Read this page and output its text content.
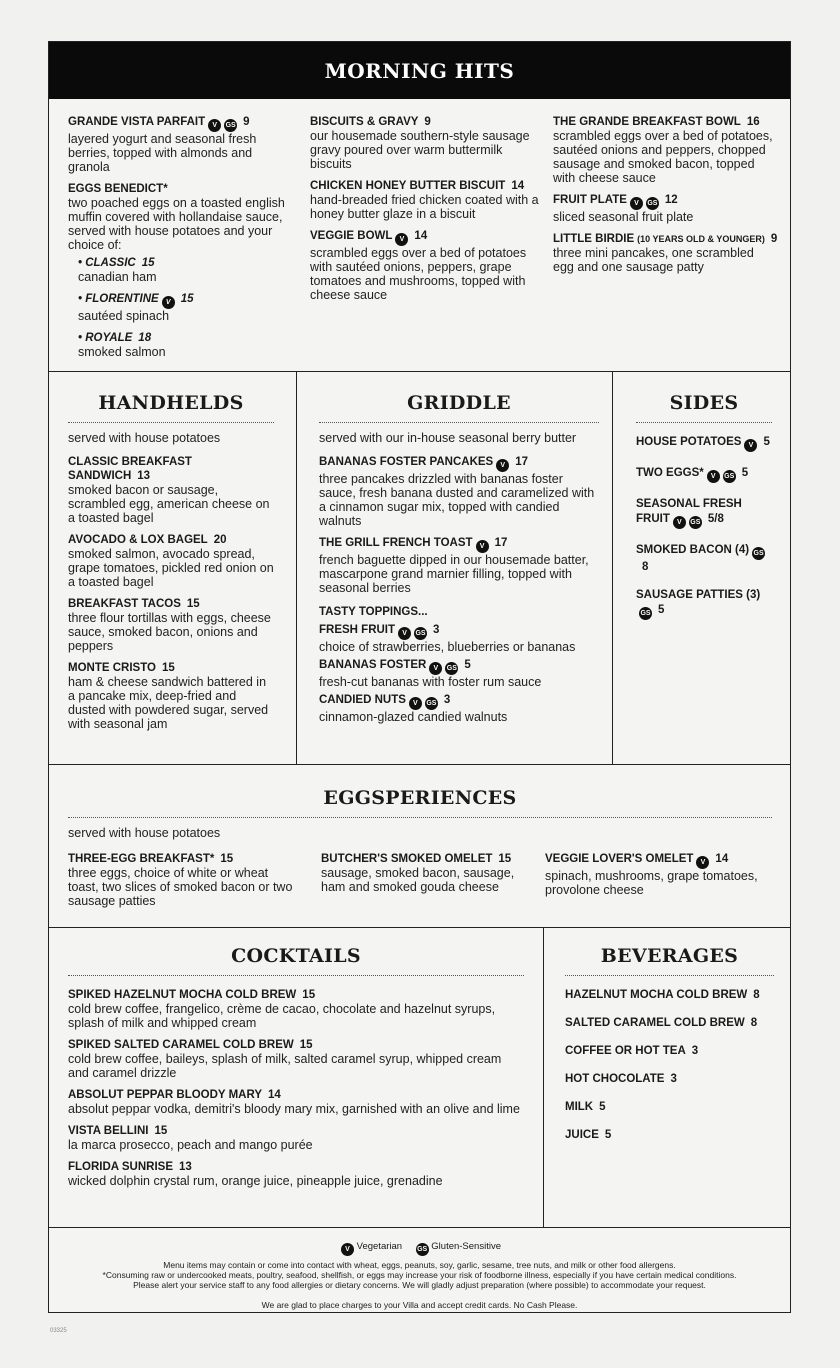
MORNING HITS
GRANDE VISTA PARFAIT V GS 9
layered yogurt and seasonal fresh berries, topped with almonds and granola
EGGS BENEDICT*
two poached eggs on a toasted english muffin covered with hollandaise sauce, served with house potatoes and your choice of:
• CLASSIC 15
canadian ham
• FLORENTINE V 15
sautéed spinach
• ROYALE 18
smoked salmon
BISCUITS & GRAVY 9
our housemade southern-style sausage gravy poured over warm buttermilk biscuits
CHICKEN HONEY BUTTER BISCUIT 14
hand-breaded fried chicken coated with a honey butter glaze in a biscuit
VEGGIE BOWL V 14
scrambled eggs over a bed of potatoes with sautéed onions, peppers, grape tomatoes and mushrooms, topped with cheese sauce
THE GRANDE BREAKFAST BOWL 16
scrambled eggs over a bed of potatoes, sautéed onions and peppers, chopped sausage and smoked bacon, topped with cheese sauce
FRUIT PLATE V GS 12
sliced seasonal fruit plate
LITTLE BIRDIE (10 YEARS OLD & YOUNGER) 9
three mini pancakes, one scrambled egg and one sausage patty
HANDHELDS
served with house potatoes
CLASSIC BREAKFAST SANDWICH 13
smoked bacon or sausage, scrambled egg, american cheese on a toasted bagel
AVOCADO & LOX BAGEL 20
smoked salmon, avocado spread, grape tomatoes, pickled red onion on a toasted bagel
BREAKFAST TACOS 15
three flour tortillas with eggs, cheese sauce, smoked bacon, onions and peppers
MONTE CRISTO 15
ham & cheese sandwich battered in a pancake mix, deep-fried and dusted with powdered sugar, served with seasonal jam
GRIDDLE
served with our in-house seasonal berry butter
BANANAS FOSTER PANCAKES V 17
three pancakes drizzled with bananas foster sauce, fresh banana dusted and caramelized with a cinnamon sugar mix, topped with candied walnuts
THE GRILL FRENCH TOAST V 17
french baguette dipped in our housemade batter, mascarpone grand marnier filling, topped with seasonal berries
TASTY TOPPINGS...
FRESH FRUIT V GS 3
choice of strawberries, blueberries or bananas
BANANAS FOSTER V GS 5
fresh-cut bananas with foster rum sauce
CANDIED NUTS V GS 3
cinnamon-glazed candied walnuts
SIDES
HOUSE POTATOES V 5
TWO EGGS* V GS 5
SEASONAL FRESH FRUIT V GS 5/8
SMOKED BACON (4) GS8
SAUSAGE PATTIES (3)GS 5
EGGSPERIENCES
served with house potatoes
THREE-EGG BREAKFAST* 15
three eggs, choice of white or wheat toast, two slices of smoked bacon or two sausage patties
BUTCHER'S SMOKED OMELET 15
sausage, smoked bacon, sausage, ham and smoked gouda cheese
VEGGIE LOVER'S OMELET V 14
spinach, mushrooms, grape tomatoes, provolone cheese
COCKTAILS
SPIKED HAZELNUT MOCHA COLD BREW 15
cold brew coffee, frangelico, crème de cacao, chocolate and hazelnut syrups, splash of milk and whipped cream
SPIKED SALTED CARAMEL COLD BREW 15
cold brew coffee, baileys, splash of milk, salted caramel syrup, whipped cream and caramel drizzle
ABSOLUT PEPPAR BLOODY MARY 14
absolut peppar vodka, demitri's bloody mary mix, garnished with an olive and lime
VISTA BELLINI 15
la marca prosecco, peach and mango purée
FLORIDA SUNRISE 13
wicked dolphin crystal rum, orange juice, pineapple juice, grenadine
BEVERAGES
HAZELNUT MOCHA COLD BREW 8
SALTED CARAMEL COLD BREW 8
COFFEE OR HOT TEA 3
HOT CHOCOLATE 3
MILK 5
JUICE 5
V Vegetarian GS Gluten-Sensitive
Menu items may contain or come into contact with wheat, eggs, peanuts, soy, garlic, sesame, tree nuts, and milk or other food allergens.
*Consuming raw or undercooked meats, poultry, seafood, shellfish, or eggs may increase your risk of foodborne illness, especially if you have certain medical conditions.
Please alert your service staff to any food allergies or dietary concerns. We will gladly adjust preparation (where possible) to accommodate your request.
We are glad to place charges to your Villa and accept credit cards. No Cash Please.
03325
